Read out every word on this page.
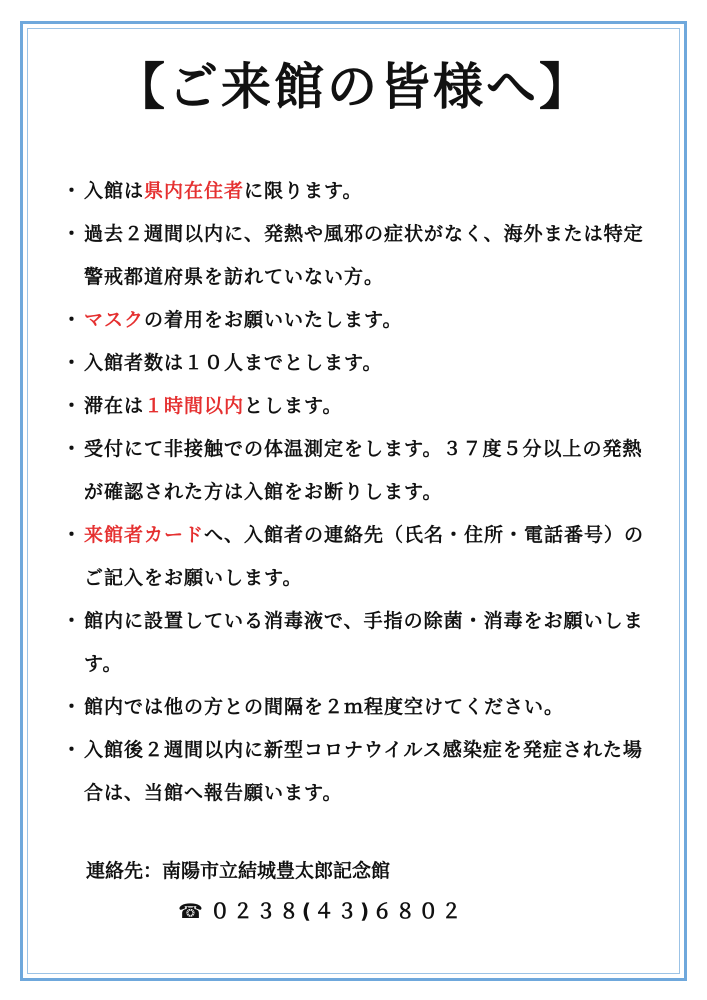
【ご来館の皆様へ】
・ 入館は県内在住者に限ります。
・ 過去２週間以内に、発熱や風邪の症状がなく、海外または特定警戒都道府県を訪れていない方。
・ マスクの着用をお願いいたします。
・ 入館者数は１０人までとします。
・ 滞在は１時間以内とします。
・ 受付にて非接触での体温測定をします。３７度５分以上の発熱が確認された方は入館をお断りします。
・ 来館者カードへ、入館者の連絡先（氏名・住所・電話番号）のご記入をお願いします。
・ 館内に設置している消毒液で、手指の除菌・消毒をお願いします。
・ 館内では他の方との間隔を２ｍ程度空けてください。
・ 入館後２週間以内に新型コロナウイルス感染症を発症された場合は、当館へ報告願います。
連絡先：南陽市立結城豊太郎記念館
☎ ０２３８(４３)６８０２
